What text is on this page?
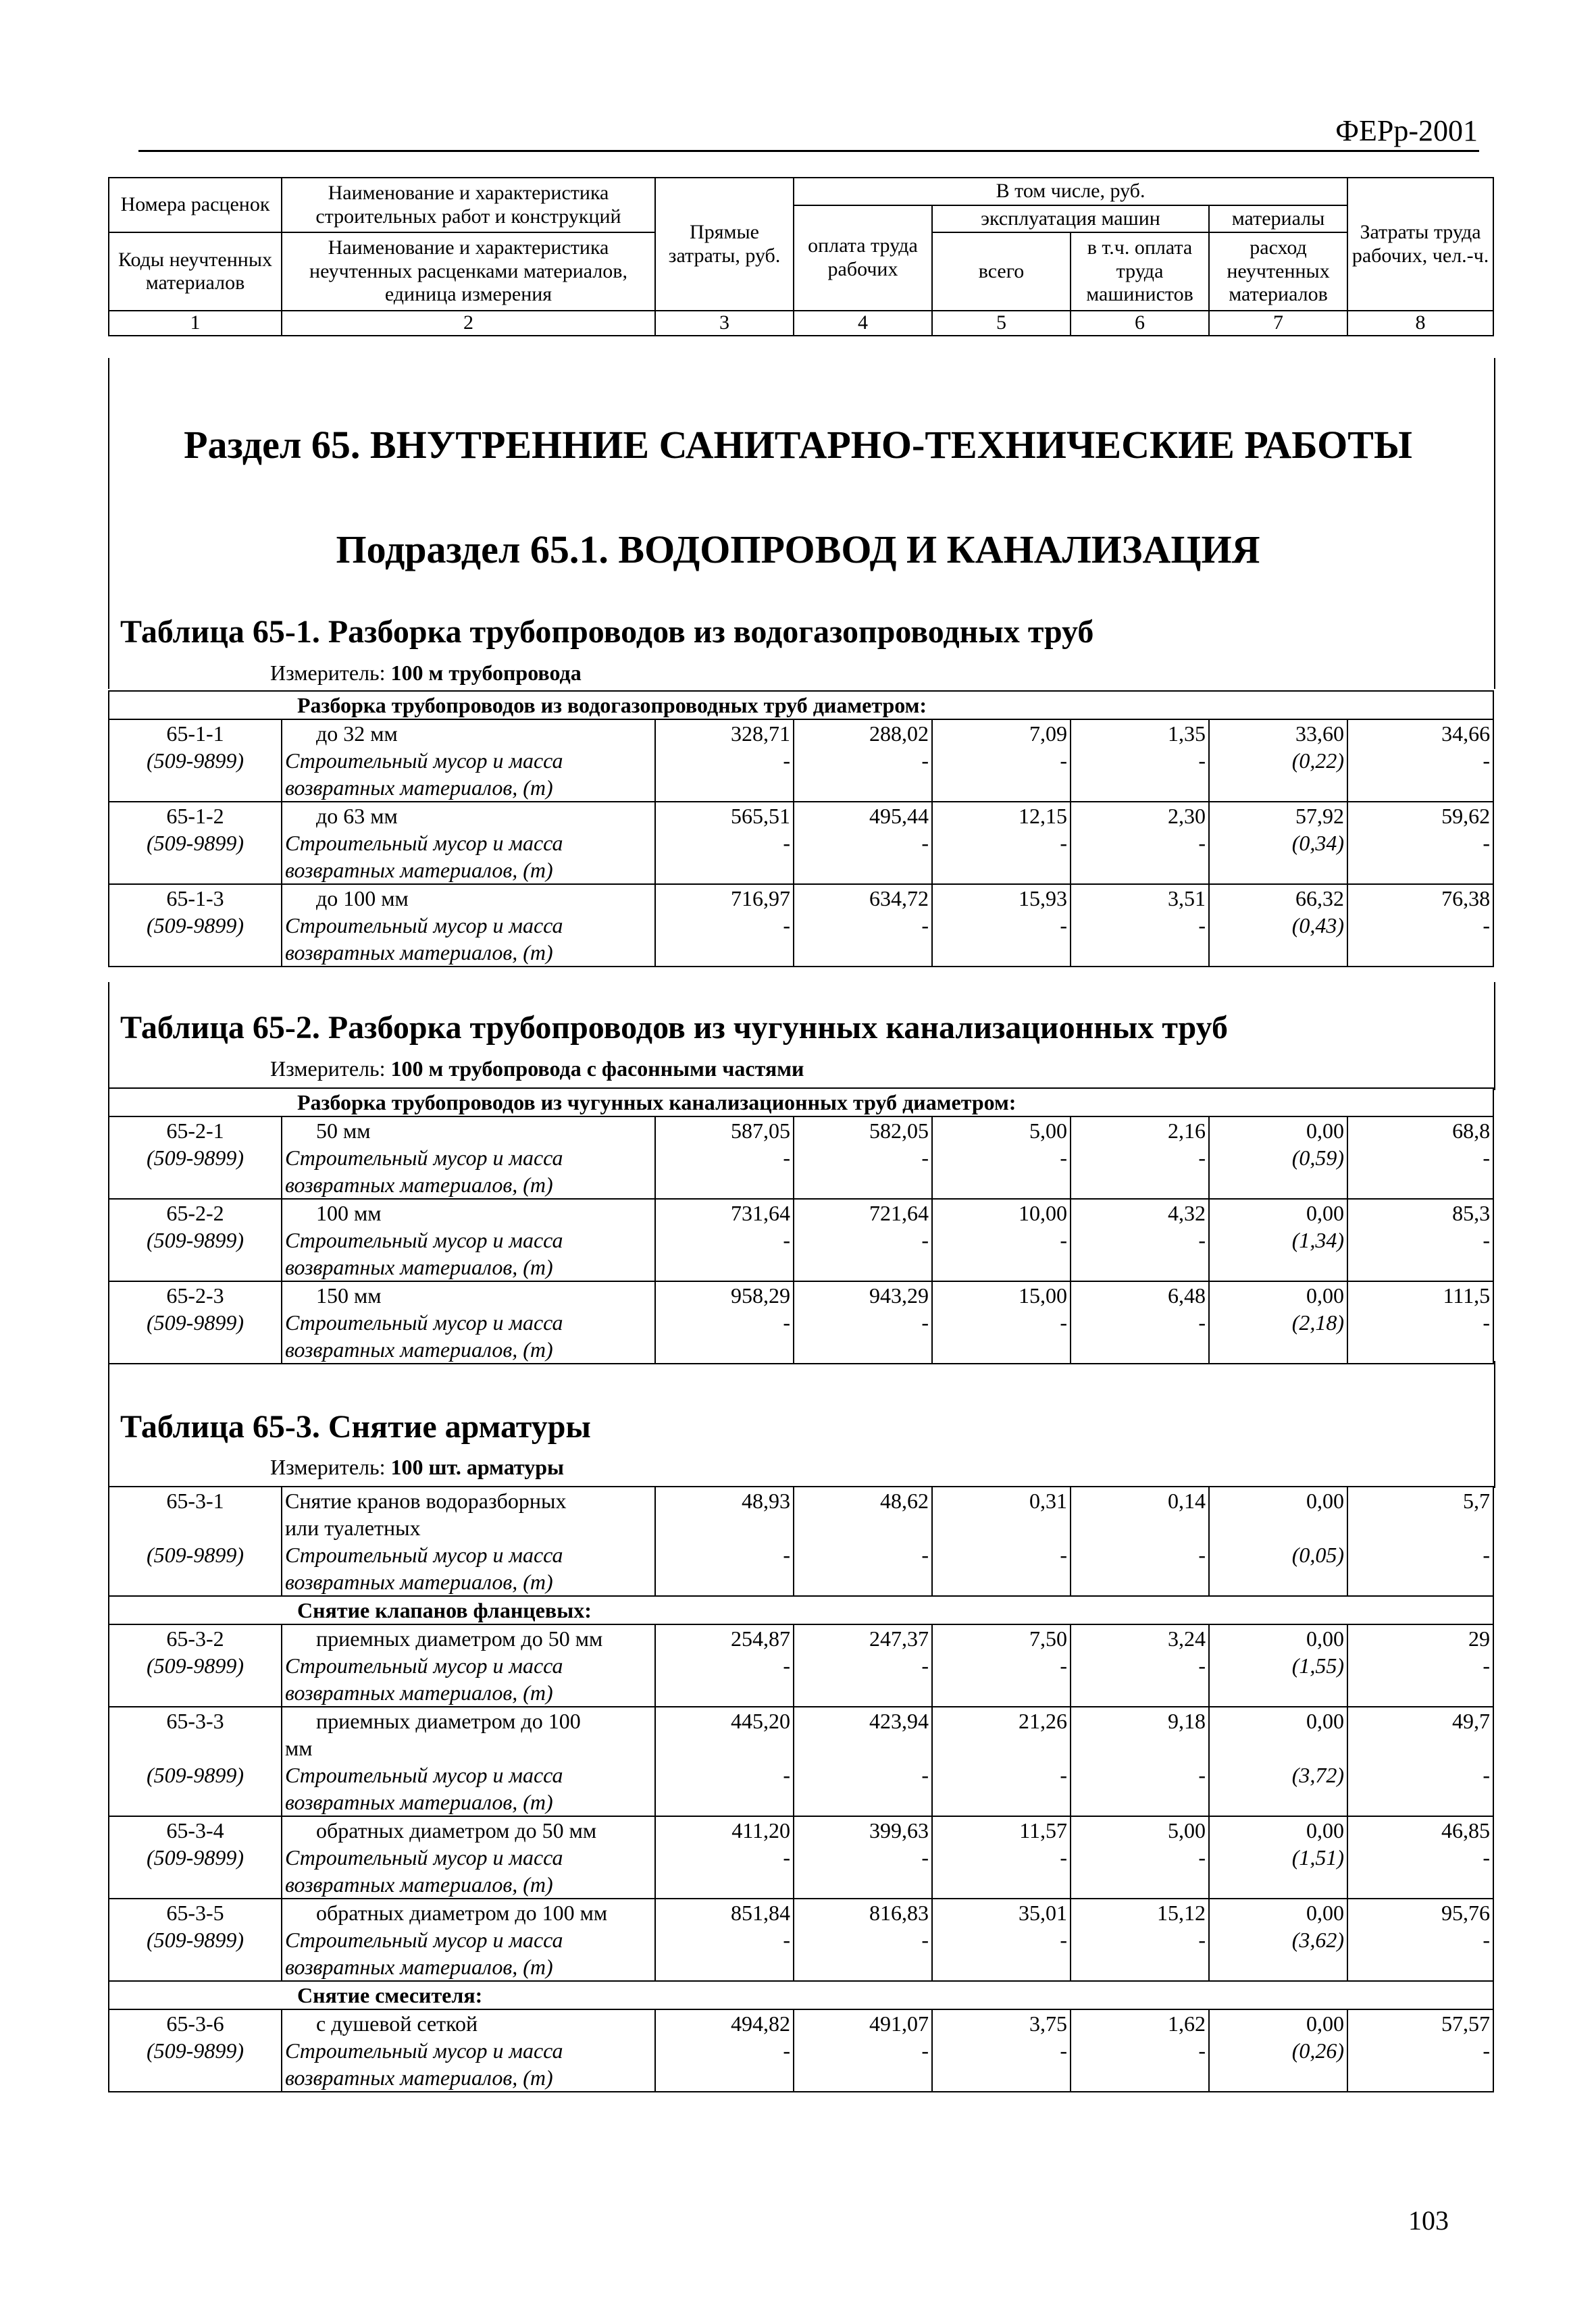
ФЕРр-2001
Номера расценок	Наименование и характеристика строительных работ и конструкций	Прямые затраты, руб.	В том числе, руб.				Затраты труда рабочих, чел.-ч.
			оплата труда рабочих	эксплуатация машин		материалы	
Коды неучтенных материалов	Наименование и характеристика неучтенных расценками материалов, единица измерения			всего	в т.ч. оплата труда машинистов	расход неучтенных материалов	

1	2	3	4	5	6	7	8
Раздел 65. ВНУТРЕННИЕ САНИТАРНО-ТЕХНИЧЕСКИЕ РАБОТЫ
Подраздел 65.1. ВОДОПРОВОД И КАНАЛИЗАЦИЯ
Таблица 65-1. Разборка трубопроводов из водогазопроводных труб
Измеритель: 100 м трубопровода
Разборка трубопроводов из водогазопроводных труб диаметром:							
65-1-1	до 32 мм	328,71	288,02	7,09	1,35	33,60	34,66
(509-9899)	Строительный мусор и масса	-	-	-	-	(0,22)	-
	возвратных материалов, (т)						
65-1-2	до 63 мм	565,51	495,44	12,15	2,30	57,92	59,62
(509-9899)	Строительный мусор и масса	-	-	-	-	(0,34)	-
	возвратных материалов, (т)						
65-1-3	до 100 мм	716,97	634,72	15,93	3,51	66,32	76,38
(509-9899)	Строительный мусор и масса	-	-	-	-	(0,43)	-
	возвратных материалов, (т)						
Таблица 65-2. Разборка трубопроводов из чугунных канализационных труб
Измеритель: 100 м трубопровода с фасонными частями
Разборка трубопроводов из чугунных канализационных труб диаметром:							
65-2-1	50 мм	587,05	582,05	5,00	2,16	0,00	68,8
(509-9899)	Строительный мусор и масса	-	-	-	-	(0,59)	-
	возвратных материалов, (т)						
65-2-2	100 мм	731,64	721,64	10,00	4,32	0,00	85,3
(509-9899)	Строительный мусор и масса	-	-	-	-	(1,34)	-
	возвратных материалов, (т)						
65-2-3	150 мм	958,29	943,29	15,00	6,48	0,00	111,5
(509-9899)	Строительный мусор и масса	-	-	-	-	(2,18)	-
	возвратных материалов, (т)						
Таблица 65-3. Снятие арматуры
Измеритель: 100 шт. арматуры
65-3-1	Снятие кранов водоразборных	48,93	48,62	0,31	0,14	0,00	5,7
	или туалетных						
(509-9899)	Строительный мусор и масса	-	-	-	-	(0,05)	-
	возвратных материалов, (т)						
Снятие клапанов фланцевых:							
65-3-2	приемных диаметром до 50 мм	254,87	247,37	7,50	3,24	0,00	29
(509-9899)	Строительный мусор и масса	-	-	-	-	(1,55)	-
	возвратных материалов, (т)						
65-3-3	приемных диаметром до 100	445,20	423,94	21,26	9,18	0,00	49,7
	мм						
(509-9899)	Строительный мусор и масса	-	-	-	-	(3,72)	-
	возвратных материалов, (т)						
65-3-4	обратных диаметром до 50 мм	411,20	399,63	11,57	5,00	0,00	46,85
(509-9899)	Строительный мусор и масса	-	-	-	-	(1,51)	-
	возвратных материалов, (т)						
65-3-5	обратных диаметром до 100 мм	851,84	816,83	35,01	15,12	0,00	95,76
(509-9899)	Строительный мусор и масса	-	-	-	-	(3,62)	-
	возвратных материалов, (т)						
Снятие смесителя:							
65-3-6	с душевой сеткой	494,82	491,07	3,75	1,62	0,00	57,57
(509-9899)	Строительный мусор и масса	-	-	-	-	(0,26)	-
	возвратных материалов, (т)						
103
